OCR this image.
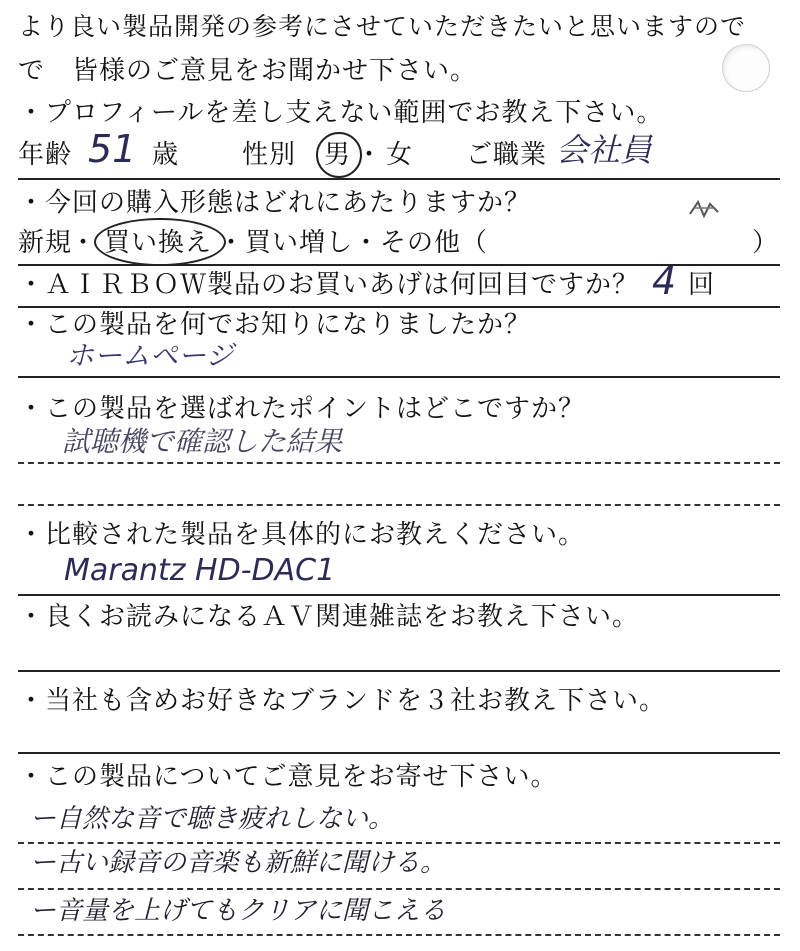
より良い製品開発の参考にさせていただきたいと思いますので
で 皆様のご意見をお聞かせ下さい。
・プロフィールを差し支えない範囲でお教え下さい。
年齢 51 歳 性別 男 ・ 女 ご職業 会社員
・今回の購入形態はどれにあたりますか？
新規
・ 買い換え ・買い増し・その他（	）
・ＡＩＲＢＯＷ製品のお買いあげは何回目ですか？ 4 回
・この製品を何でお知りになりましたか？
ホームページ
・この製品を選ばれたポイントはどこですか？
試聴機で確認した結果
・比較された製品を具体的にお教えください。
Marantz HD-DAC1
・良くお読みになるＡＶ関連雑誌をお教え下さい。
・当社も含めお好きなブランドを３社お教え下さい。
・この製品についてご意見をお寄せ下さい。
ー自然な音で聴き疲れしない。
ー古い録音の音楽も新鮮に聞ける。
ー音量を上げてもクリアに聞こえる
